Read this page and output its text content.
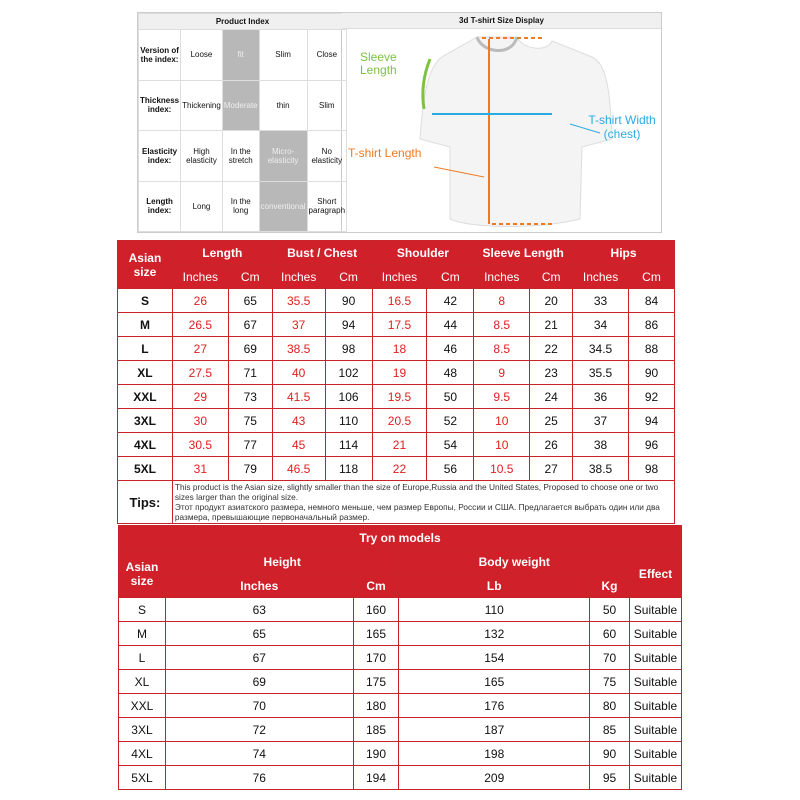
Product Index				
Version of the index:	Loose	fit	Slim	Close
Thickness index:	Thickening	Moderate	thin	Slim
Elasticity index:	High elasticity	In the stretch	Micro-elasticity	No elasticity
Length index:	Long	In the long	conventional	Short paragraph
3d T-shirt Size Display
Sleeve Length
T-shirt Width (chest)
T-shirt Length
Asian size	Length		Bust / Chest		Shoulder		Sleeve Length		Hips	
	Inches	Cm	Inches	Cm	Inches	Cm	Inches	Cm	Inches	Cm
S	26	65	35.5	90	16.5	42	8	20	33	84
M	26.5	67	37	94	17.5	44	8.5	21	34	86
L	27	69	38.5	98	18	46	8.5	22	34.5	88
XL	27.5	71	40	102	19	48	9	23	35.5	90
XXL	29	73	41.5	106	19.5	50	9.5	24	36	92
3XL	30	75	43	110	20.5	52	10	25	37	94
4XL	30.5	77	45	114	21	54	10	26	38	96
5XL	31	79	46.5	118	22	56	10.5	27	38.5	98
Tips:	This product is the Asian size, slightly smaller than the size of Europe,Russia and the United States, Proposed to choose one or two sizes larger than the original size.
Этот продукт азиатского размера, немного меньше, чем размер Европы, России и США. Предлагается выбрать один или два размера, превышающие первоначальный размер.									
Try on models					
Asian size	Height		Body weight		Effect
	Inches	Cm	Lb	Kg	
S	63	160	110	50	Suitable
M	65	165	132	60	Suitable
L	67	170	154	70	Suitable
XL	69	175	165	75	Suitable
XXL	70	180	176	80	Suitable
3XL	72	185	187	85	Suitable
4XL	74	190	198	90	Suitable
5XL	76	194	209	95	Suitable
